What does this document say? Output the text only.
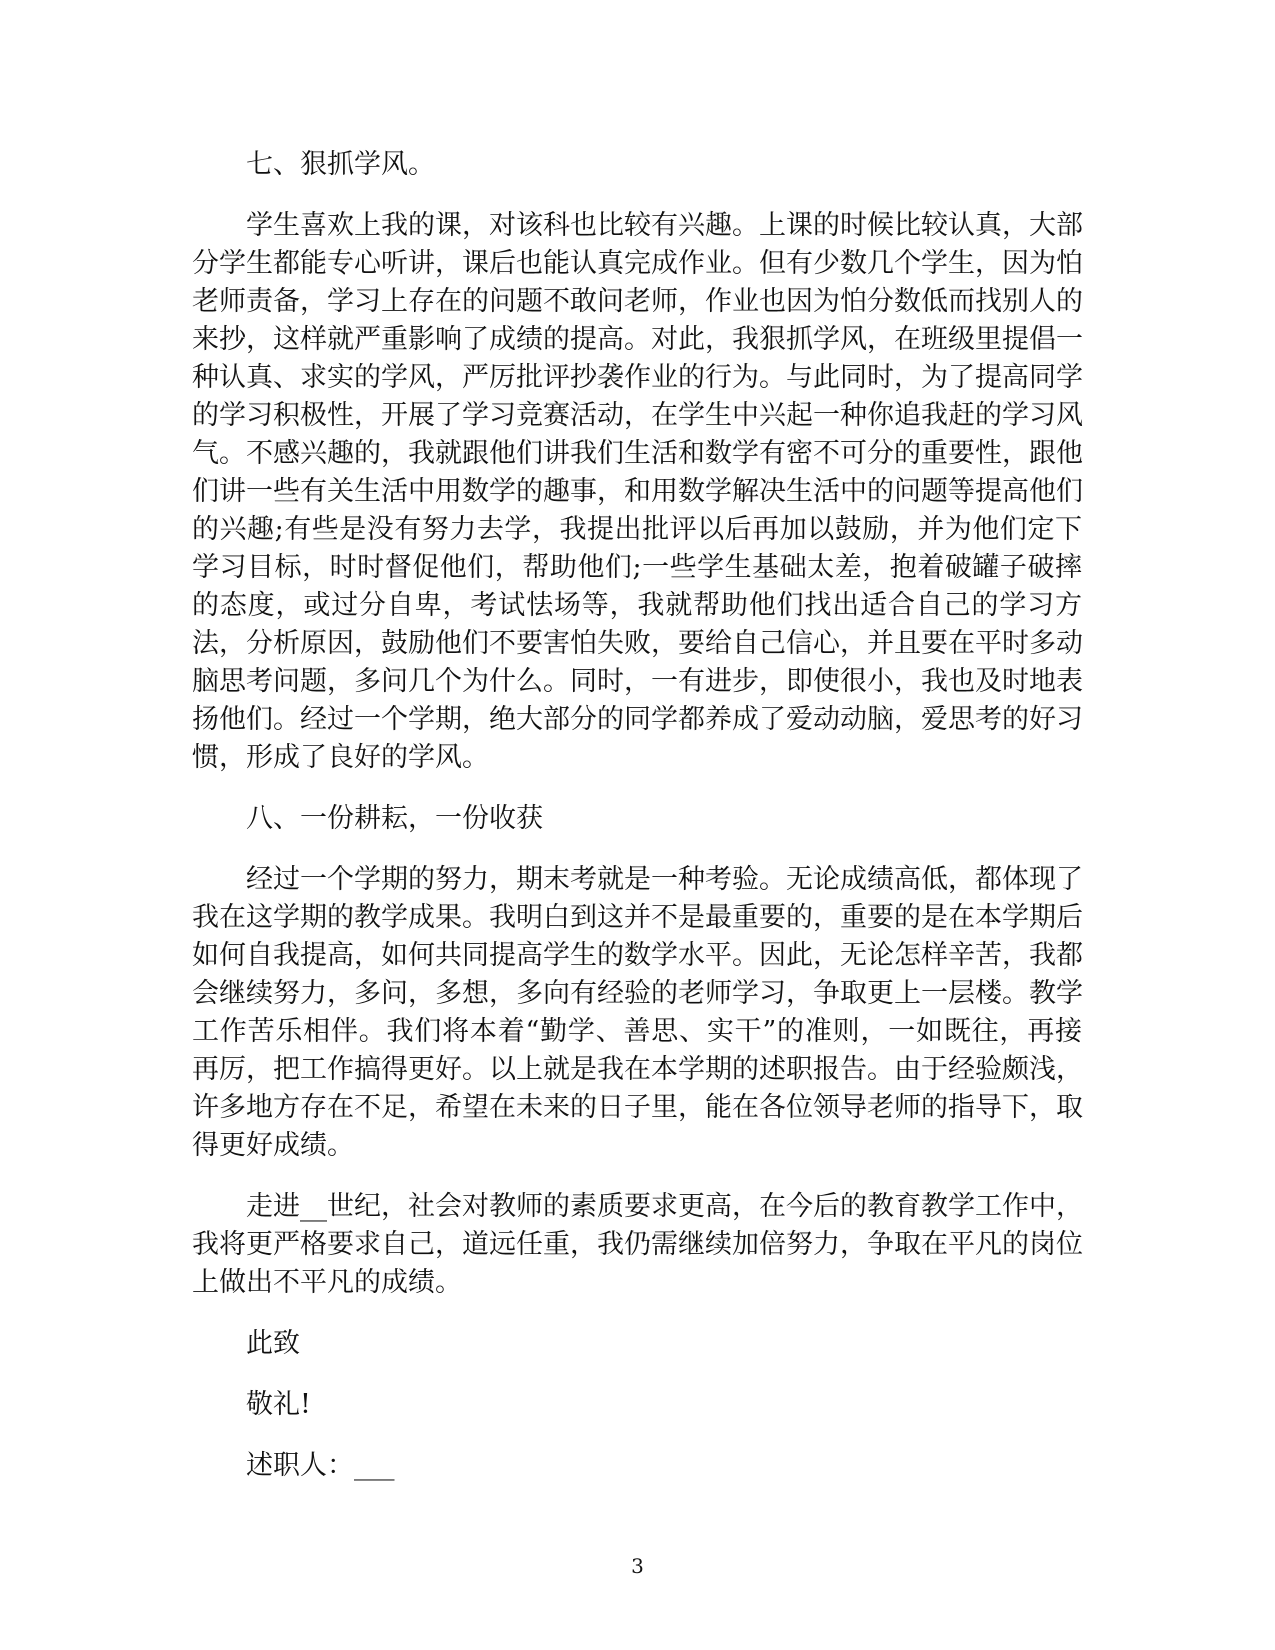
七、狠抓学风。

学生喜欢上我的课，对该科也比较有兴趣。上课的时候比较认真，大部
分学生都能专心听讲，课后也能认真完成作业。但有少数几个学生，因为怕
老师责备，学习上存在的问题不敢问老师，作业也因为怕分数低而找别人的
来抄，这样就严重影响了成绩的提高。对此，我狠抓学风，在班级里提倡一
种认真、求实的学风，严厉批评抄袭作业的行为。与此同时，为了提高同学
的学习积极性，开展了学习竞赛活动，在学生中兴起一种你追我赶的学习风
气。不感兴趣的，我就跟他们讲我们生活和数学有密不可分的重要性，跟他
们讲一些有关生活中用数学的趣事，和用数学解决生活中的问题等提高他们
的兴趣;有些是没有努力去学，我提出批评以后再加以鼓励，并为他们定下
学习目标，时时督促他们，帮助他们;一些学生基础太差，抱着破罐子破摔
的态度，或过分自卑，考试怯场等，我就帮助他们找出适合自己的学习方
法，分析原因，鼓励他们不要害怕失败，要给自己信心，并且要在平时多动
脑思考问题，多问几个为什么。同时，一有进步，即使很小，我也及时地表
扬他们。经过一个学期，绝大部分的同学都养成了爱动动脑，爱思考的好习
惯，形成了良好的学风。

八、一份耕耘，一份收获

经过一个学期的努力，期末考就是一种考验。无论成绩高低，都体现了
我在这学期的教学成果。我明白到这并不是最重要的，重要的是在本学期后
如何自我提高，如何共同提高学生的数学水平。因此，无论怎样辛苦，我都
会继续努力，多问，多想，多向有经验的老师学习，争取更上一层楼。教学
工作苦乐相伴。我们将本着“勤学、善思、实干”的准则，一如既往，再接
再厉，把工作搞得更好。以上就是我在本学期的述职报告。由于经验颇浅，
许多地方存在不足，希望在未来的日子里，能在各位领导老师的指导下，取
得更好成绩。

走进__世纪，社会对教师的素质要求更高，在今后的教育教学工作中，
我将更严格要求自己，道远任重，我仍需继续加倍努力，争取在平凡的岗位
上做出不平凡的成绩。

此致

敬礼!

述职人：___

3
